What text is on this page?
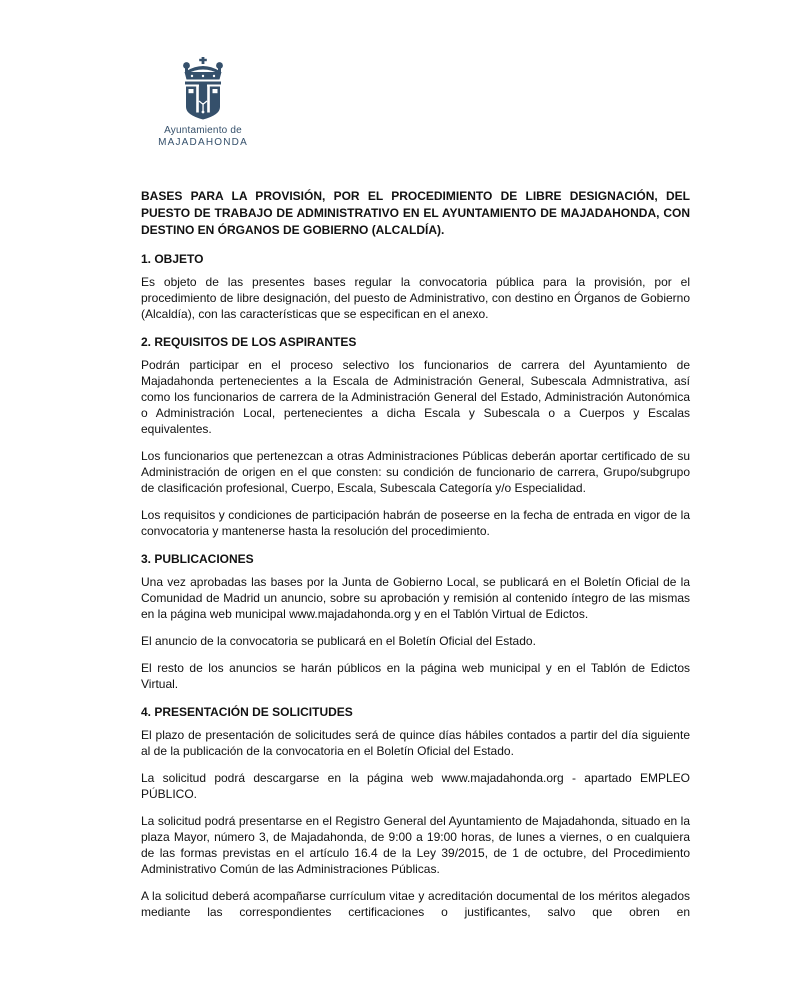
Ayuntamiento de
MAJADAHONDA

BASES PARA LA PROVISIÓN, POR EL PROCEDIMIENTO DE LIBRE DESIGNACIÓN, DEL PUESTO DE TRABAJO DE ADMINISTRATIVO EN EL AYUNTAMIENTO DE MAJADAHONDA, CON DESTINO EN ÓRGANOS DE GOBIERNO (ALCALDÍA).

1. OBJETO

Es objeto de las presentes bases regular la convocatoria pública para la provisión, por el procedimiento de libre designación, del puesto de Administrativo, con destino en Órganos de Gobierno (Alcaldía), con las características que se especifican en el anexo.

2. REQUISITOS DE LOS ASPIRANTES

Podrán participar en el proceso selectivo los funcionarios de carrera del Ayuntamiento de Majadahonda pertenecientes a la Escala de Administración General, Subescala Admnistrativa, así como los funcionarios de carrera de la Administración General del Estado, Administración Autonómica o Administración Local, pertenecientes a dicha Escala y Subescala o a Cuerpos y Escalas equivalentes.

Los funcionarios que pertenezcan a otras Administraciones Públicas deberán aportar certificado de su Administración de origen en el que consten: su condición de funcionario de carrera, Grupo/subgrupo de clasificación profesional, Cuerpo, Escala, Subescala Categoría y/o Especialidad.

Los requisitos y condiciones de participación habrán de poseerse en la fecha de entrada en vigor de la convocatoria y mantenerse hasta la resolución del procedimiento.

3. PUBLICACIONES

Una vez aprobadas las bases por la Junta de Gobierno Local, se publicará en el Boletín Oficial de la Comunidad de Madrid un anuncio, sobre su aprobación y remisión al contenido íntegro de las mismas en la página web municipal www.majadahonda.org y en el Tablón Virtual de Edictos.

El anuncio de la convocatoria se publicará en el Boletín Oficial del Estado.

El resto de los anuncios se harán públicos en la página web municipal y en el Tablón de Edictos Virtual.

4. PRESENTACIÓN DE SOLICITUDES

El plazo de presentación de solicitudes será de quince días hábiles contados a partir del día siguiente al de la publicación de la convocatoria en el Boletín Oficial del Estado.

La solicitud podrá descargarse en la página web www.majadahonda.org - apartado EMPLEO PÚBLICO.

La solicitud podrá presentarse en el Registro General del Ayuntamiento de Majadahonda, situado en la plaza Mayor, número 3, de Majadahonda, de 9:00 a 19:00 horas, de lunes a viernes, o en cualquiera de las formas previstas en el artículo 16.4 de la Ley 39/2015, de 1 de octubre, del Procedimiento Administrativo Común de las Administraciones Públicas.

A la solicitud deberá acompañarse currículum vitae y acreditación documental de los méritos alegados mediante las correspondientes certificaciones o justificantes, salvo que obren en
